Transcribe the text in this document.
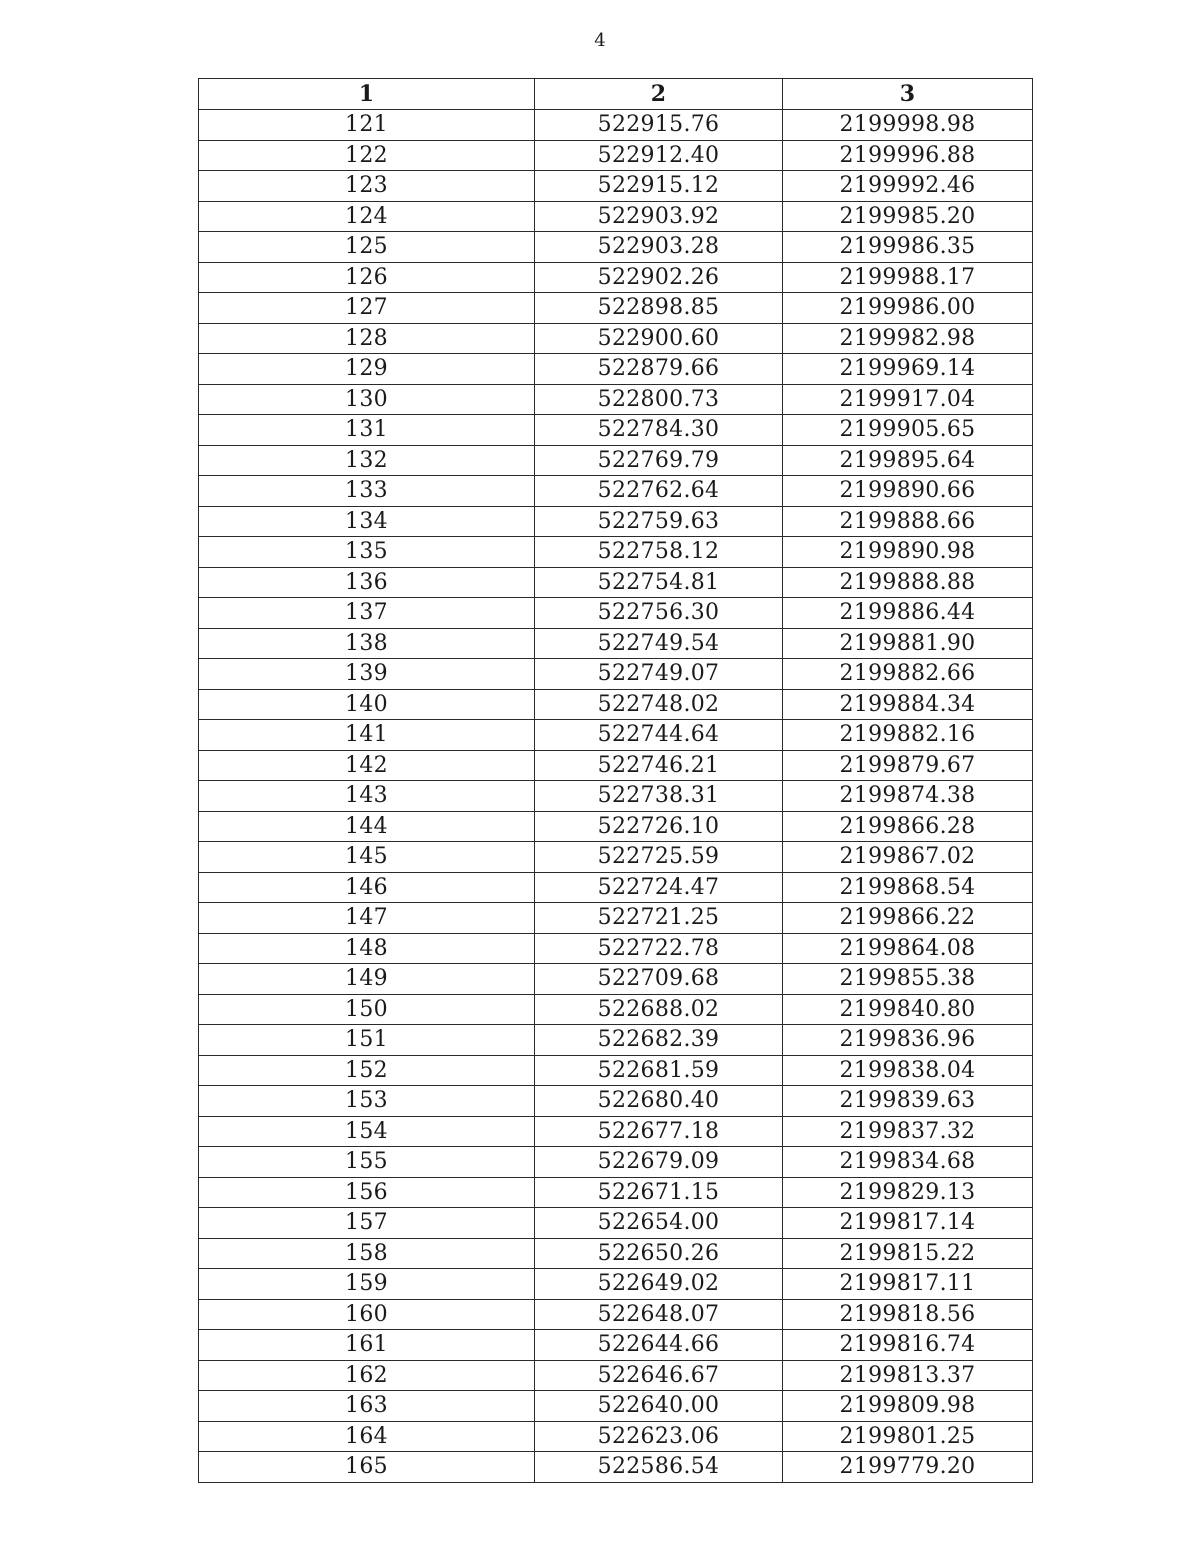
4
1	2	3
121	522915.76	2199998.98
122	522912.40	2199996.88
123	522915.12	2199992.46
124	522903.92	2199985.20
125	522903.28	2199986.35
126	522902.26	2199988.17
127	522898.85	2199986.00
128	522900.60	2199982.98
129	522879.66	2199969.14
130	522800.73	2199917.04
131	522784.30	2199905.65
132	522769.79	2199895.64
133	522762.64	2199890.66
134	522759.63	2199888.66
135	522758.12	2199890.98
136	522754.81	2199888.88
137	522756.30	2199886.44
138	522749.54	2199881.90
139	522749.07	2199882.66
140	522748.02	2199884.34
141	522744.64	2199882.16
142	522746.21	2199879.67
143	522738.31	2199874.38
144	522726.10	2199866.28
145	522725.59	2199867.02
146	522724.47	2199868.54
147	522721.25	2199866.22
148	522722.78	2199864.08
149	522709.68	2199855.38
150	522688.02	2199840.80
151	522682.39	2199836.96
152	522681.59	2199838.04
153	522680.40	2199839.63
154	522677.18	2199837.32
155	522679.09	2199834.68
156	522671.15	2199829.13
157	522654.00	2199817.14
158	522650.26	2199815.22
159	522649.02	2199817.11
160	522648.07	2199818.56
161	522644.66	2199816.74
162	522646.67	2199813.37
163	522640.00	2199809.98
164	522623.06	2199801.25
165	522586.54	2199779.20
